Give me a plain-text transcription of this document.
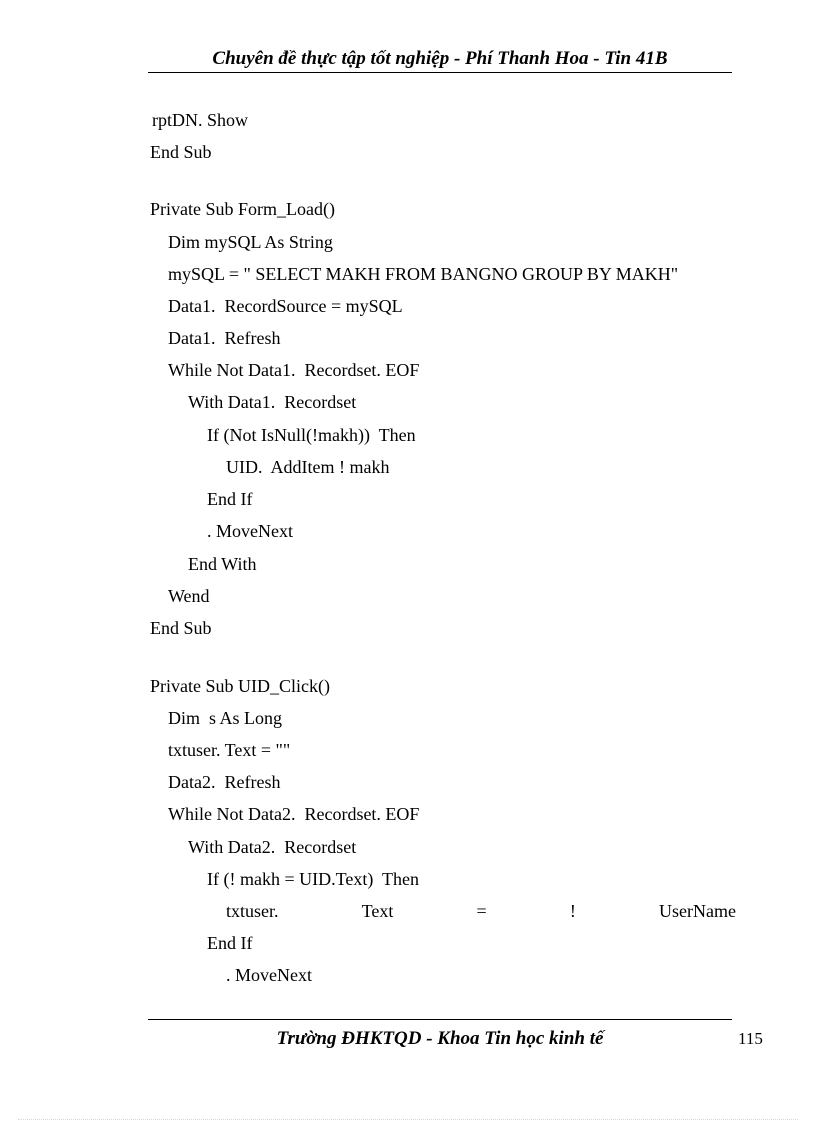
Chuyên đề thực tập tốt nghiệp - Phí Thanh Hoa - Tin 41B
rptDN. Show
End Sub
Private Sub Form_Load()
Dim mySQL As String
mySQL = " SELECT MAKH FROM BANGNO GROUP BY MAKH"
Data1.  RecordSource = mySQL
Data1.  Refresh
While Not Data1.  Recordset. EOF
With Data1.  Recordset
If (Not IsNull(!makh))  Then
UID.  AddItem ! makh
End If
. MoveNext
End With
Wend
End Sub
Private Sub UID_Click()
Dim  s As Long
txtuser. Text = ""
Data2.  Refresh
While Not Data2.  Recordset. EOF
With Data2.  Recordset
If (! makh = UID.Text)  Then
txtuser.	Text	=	!	UserName
End If
. MoveNext
Trường ĐHKTQD - Khoa Tin học kinh tế	115
